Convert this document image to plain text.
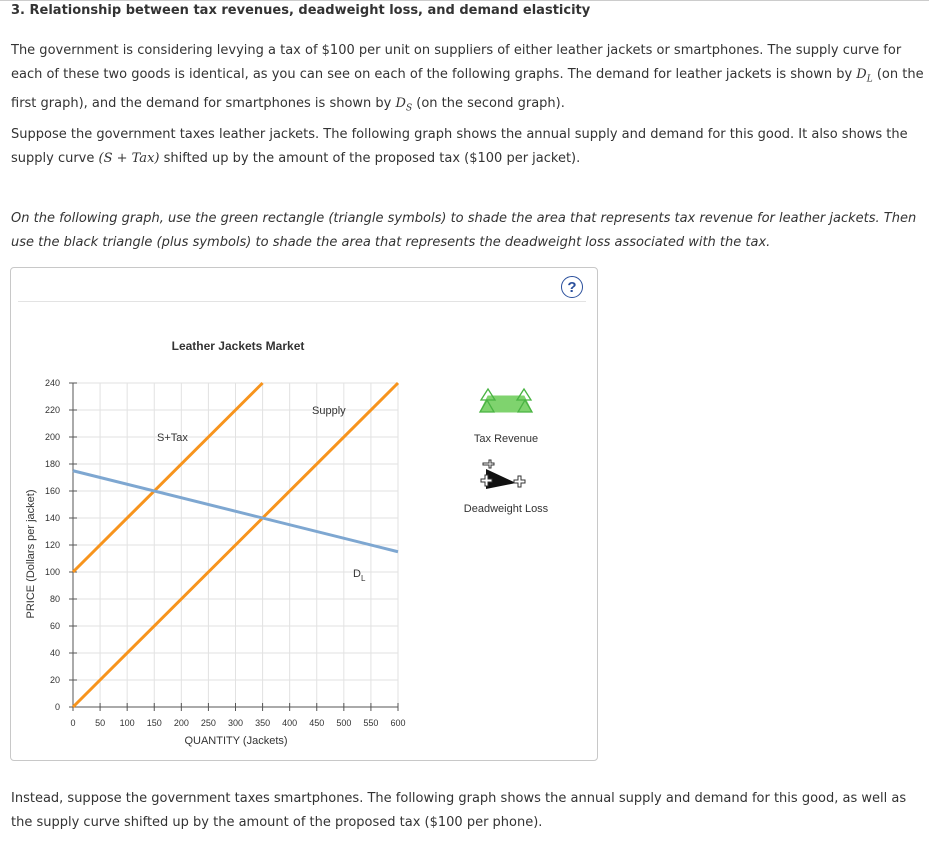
3. Relationship between tax revenues, deadweight loss, and demand elasticity

The government is considering levying a tax of $100 per unit on suppliers of either leather jackets or smartphones. The supply curve for each of these two goods is identical, as you can see on each of the following graphs. The demand for leather jackets is shown by $D_L$ (on the first graph), and the demand for smartphones is shown by $D_S$ (on the second graph).

Suppose the government taxes leather jackets. The following graph shows the annual supply and demand for this good. It also shows the supply curve (S + Tax) shifted up by the amount of the proposed tax ($100 per jacket).

On the following graph, use the green rectangle (triangle symbols) to shade the area that represents tax revenue for leather jackets. Then use the black triangle (plus symbols) to shade the area that represents the deadweight loss associated with the tax.

?
Leather Jackets Market
PRICE (Dollars per jacket)
QUANTITY (Jackets)
0
20
40
60
80
100
120
140
160
180
200
220
240
0 50 100 150 200 250 300 350 400 450 500 550 600
Supply
S+Tax
$D_L$
Tax Revenue
Deadweight Loss

Instead, suppose the government taxes smartphones. The following graph shows the annual supply and demand for this good, as well as the supply curve shifted up by the amount of the proposed tax ($100 per phone).
